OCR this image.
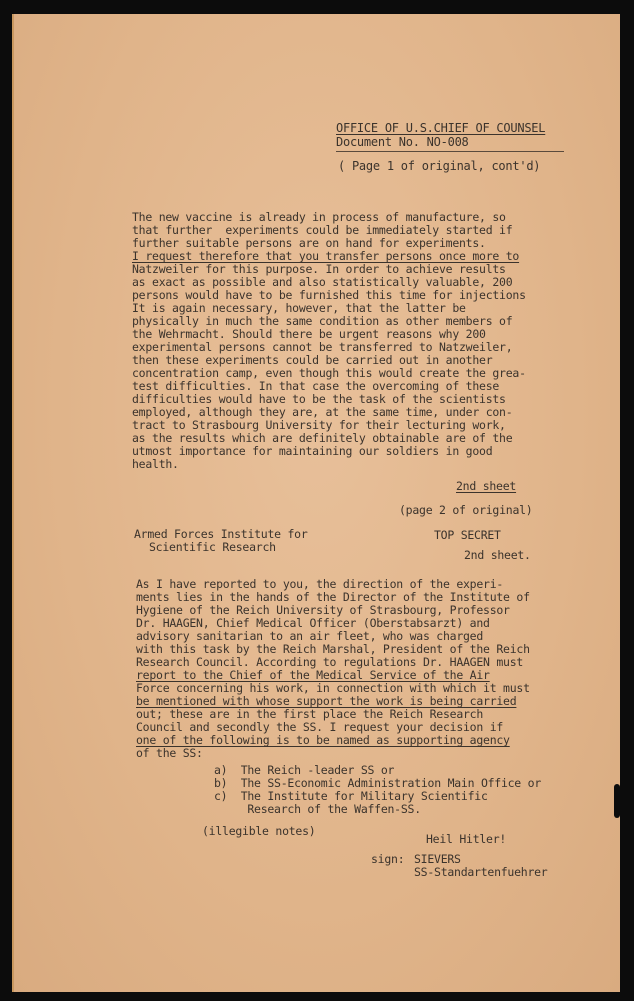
OFFICE OF U.S.CHIEF OF COUNSEL
Document No. NO-008
( Page 1 of original, cont'd)
The new vaccine is already in process of manufacture, so
that further  experiments could be immediately started if
further suitable persons are on hand for experiments.
I request therefore that you transfer persons once more to
Natzweiler for this purpose. In order to achieve results
as exact as possible and also statistically valuable, 200
persons would have to be furnished this time for injections
It is again necessary, however, that the latter be
physically in much the same condition as other members of
the Wehrmacht. Should there be urgent reasons why 200
experimental persons cannot be transferred to Natzweiler,
then these experiments could be carried out in another
concentration camp, even though this would create the grea-
test difficulties. In that case the overcoming of these
difficulties would have to be the task of the scientists
employed, although they are, at the same time, under con-
tract to Strasbourg University for their lecturing work,
as the results which are definitely obtainable are of the
utmost importance for maintaining our soldiers in good
health.
2nd sheet
(page 2 of original)
Armed Forces Institute for
Scientific Research
TOP SECRET
2nd sheet.
As I have reported to you, the direction of the experi-
ments lies in the hands of the Director of the Institute of
Hygiene of the Reich University of Strasbourg, Professor
Dr. HAAGEN, Chief Medical Officer (Oberstabsarzt) and
advisory sanitarian to an air fleet, who was charged
with this task by the Reich Marshal, President of the Reich
Research Council. According to regulations Dr. HAAGEN must
report to the Chief of the Medical Service of the Air
Force concerning his work, in connection with which it must
be mentioned with whose support the work is being carried
out; these are in the first place the Reich Research
Council and secondly the SS. I request your decision if
one of the following is to be named as supporting agency
of the SS:
a)  The Reich -leader SS or
b)  The SS-Economic Administration Main Office or
c)  The Institute for Military Scientific
Research of the Waffen-SS.
(illegible notes)
Heil Hitler!
sign: SIEVERS
SS-Standartenfuehrer
